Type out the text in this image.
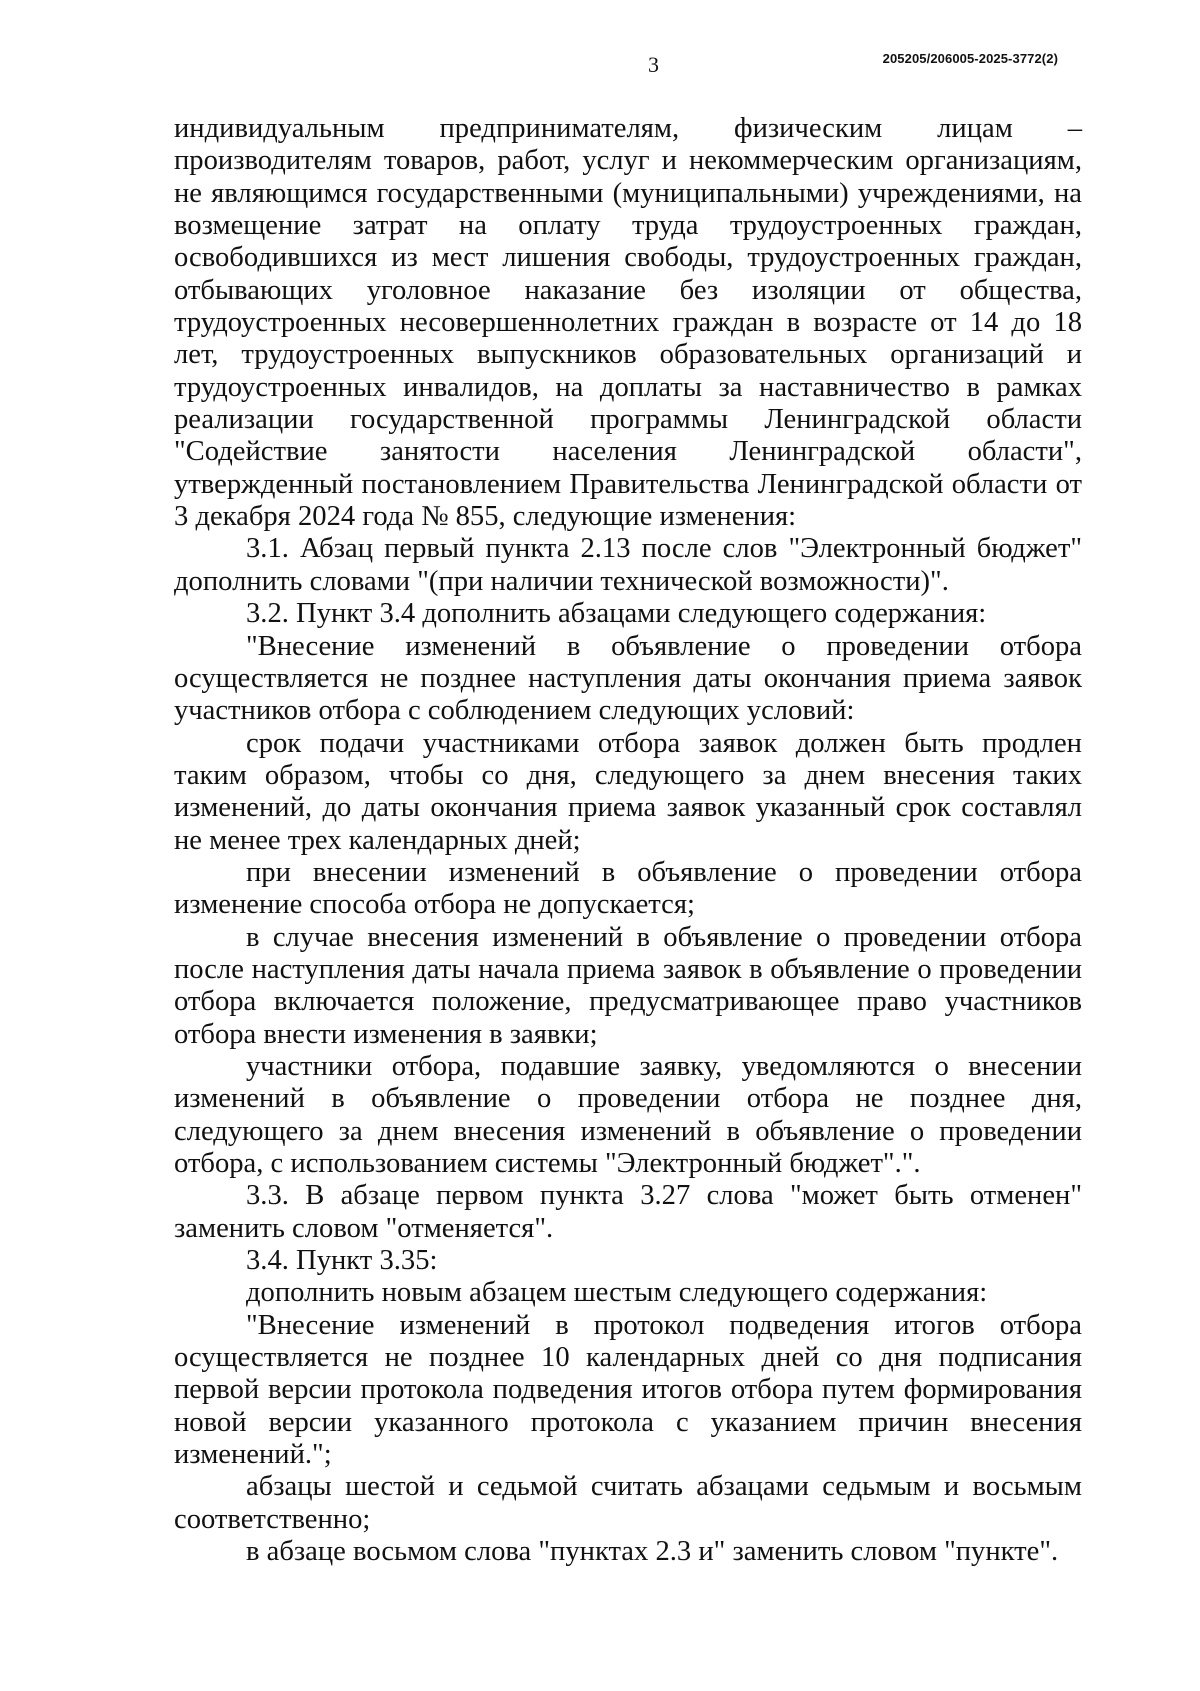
3	205205/206005-2025-3772(2)

индивидуальным предпринимателям, физическим лицам – производителям товаров, работ, услуг и некоммерческим организациям, не являющимся государственными (муниципальными) учреждениями, на возмещение затрат на оплату труда трудоустроенных граждан, освободившихся из мест лишения свободы, трудоустроенных граждан, отбывающих уголовное наказание без изоляции от общества, трудоустроенных несовершеннолетних граждан в возрасте от 14 до 18 лет, трудоустроенных выпускников образовательных организаций и трудоустроенных инвалидов, на доплаты за наставничество в рамках реализации государственной программы Ленинградской области "Содействие занятости населения Ленинградской области", утвержденный постановлением Правительства Ленинградской области от 3 декабря 2024 года № 855, следующие изменения:

3.1. Абзац первый пункта 2.13 после слов "Электронный бюджет" дополнить словами "(при наличии технической возможности)".

3.2. Пункт 3.4 дополнить абзацами следующего содержания:

"Внесение изменений в объявление о проведении отбора осуществляется не позднее наступления даты окончания приема заявок участников отбора с соблюдением следующих условий:

срок подачи участниками отбора заявок должен быть продлен таким образом, чтобы со дня, следующего за днем внесения таких изменений, до даты окончания приема заявок указанный срок составлял не менее трех календарных дней;

при внесении изменений в объявление о проведении отбора изменение способа отбора не допускается;

в случае внесения изменений в объявление о проведении отбора после наступления даты начала приема заявок в объявление о проведении отбора включается положение, предусматривающее право участников отбора внести изменения в заявки;

участники отбора, подавшие заявку, уведомляются о внесении изменений в объявление о проведении отбора не позднее дня, следующего за днем внесения изменений в объявление о проведении отбора, с использованием системы "Электронный бюджет".".

3.3. В абзаце первом пункта 3.27 слова "может быть отменен" заменить словом "отменяется".

3.4. Пункт 3.35:

дополнить новым абзацем шестым следующего содержания:

"Внесение изменений в протокол подведения итогов отбора осуществляется не позднее 10 календарных дней со дня подписания первой версии протокола подведения итогов отбора путем формирования новой версии указанного протокола с указанием причин внесения изменений.";

абзацы шестой и седьмой считать абзацами седьмым и восьмым соответственно;

в абзаце восьмом слова "пунктах 2.3 и" заменить словом "пункте".
